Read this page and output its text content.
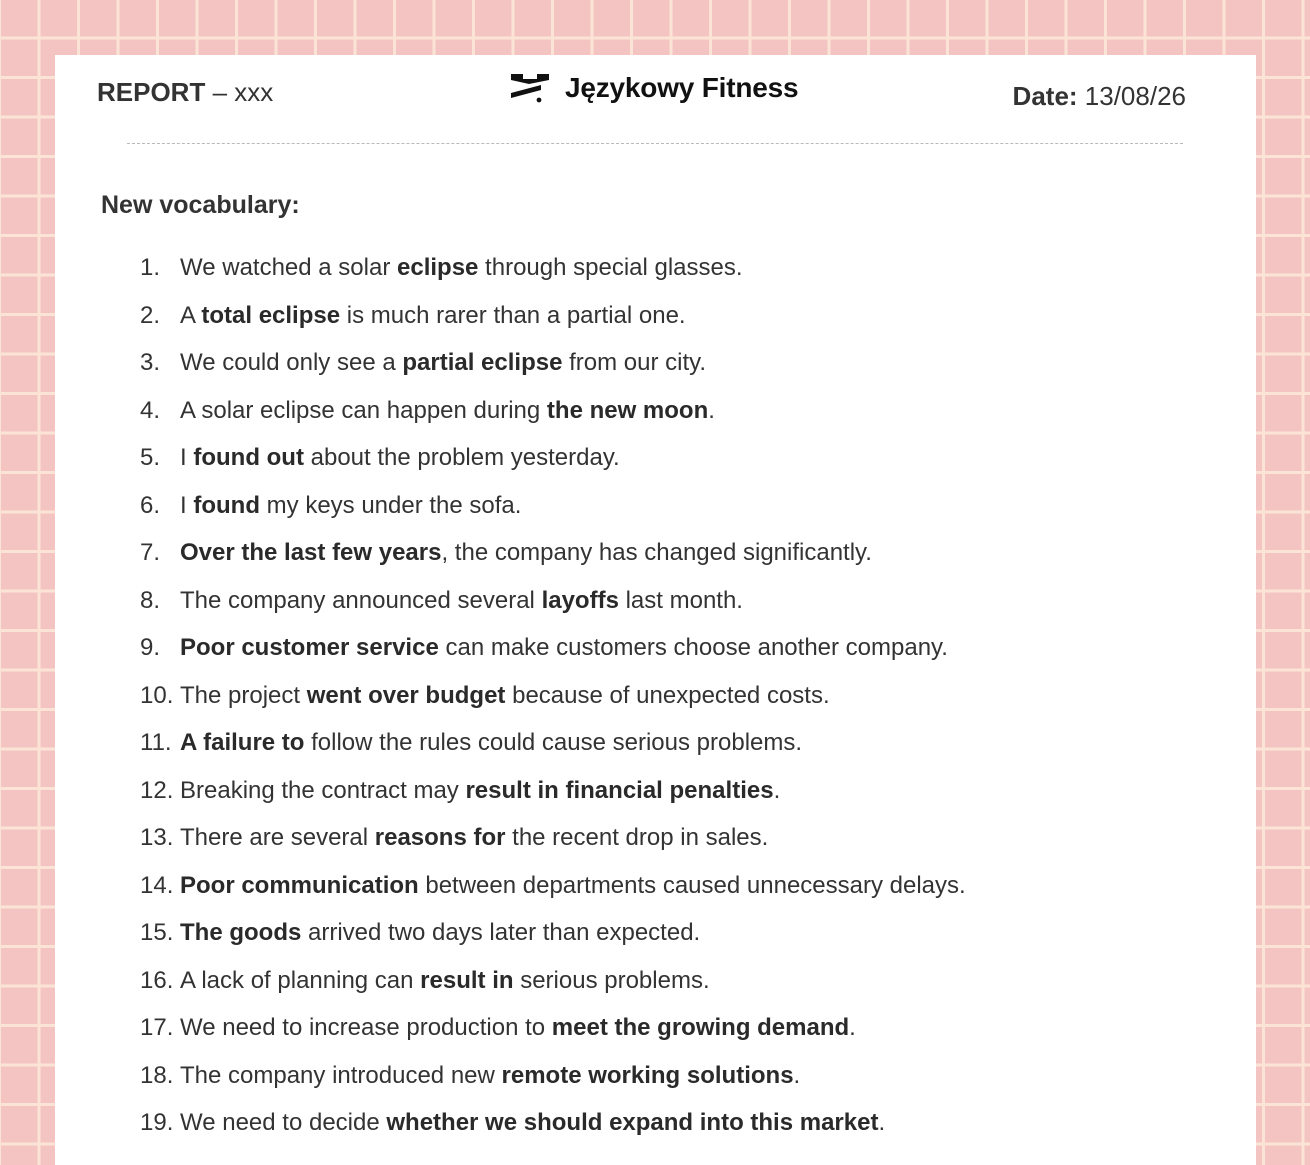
REPORT – xxx	Językowy Fitness	Date: 13/08/26
New vocabulary:
1. We watched a solar eclipse through special glasses.
2. A total eclipse is much rarer than a partial one.
3. We could only see a partial eclipse from our city.
4. A solar eclipse can happen during the new moon.
5. I found out about the problem yesterday.
6. I found my keys under the sofa.
7. Over the last few years, the company has changed significantly.
8. The company announced several layoffs last month.
9. Poor customer service can make customers choose another company.
10. The project went over budget because of unexpected costs.
11. A failure to follow the rules could cause serious problems.
12. Breaking the contract may result in financial penalties.
13. There are several reasons for the recent drop in sales.
14. Poor communication between departments caused unnecessary delays.
15. The goods arrived two days later than expected.
16. A lack of planning can result in serious problems.
17. We need to increase production to meet the growing demand.
18. The company introduced new remote working solutions.
19. We need to decide whether we should expand into this market.
